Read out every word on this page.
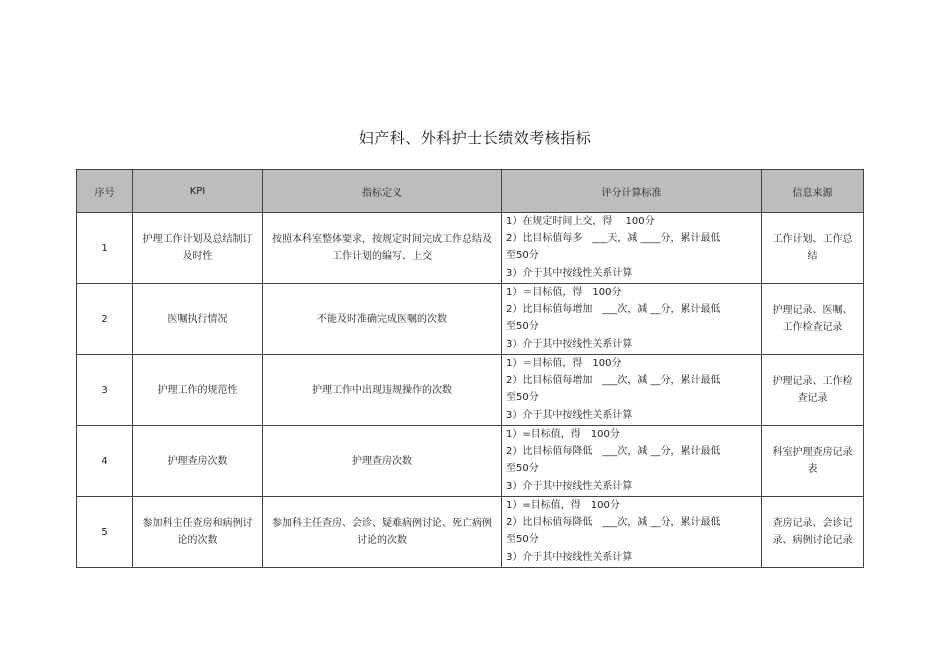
妇产科、外科护士长绩效考核指标
序号	KPI	指标定义	评分计算标准	信息来源
1	护理工作计划及总结制订及时性	按照本科室整体要求，按规定时间完成工作总结及工作计划的编写、上交	1）在规定时间上交，得　 100分
2）比目标值每多　___天，减 ____分，累计最低
至50分
3）介于其中按线性关系计算	工作计划、工作总结
2	医嘱执行情况	不能及时准确完成医嘱的次数	1）＝目标值，得　100分
2）比目标值每增加　___次，减 __分，累计最低
至50分
3）介于其中按线性关系计算	护理记录、医嘱、工作检查记录
3	护理工作的规范性	护理工作中出现违规操作的次数	1）＝目标值，得　100分
2）比目标值每增加　___次，减 __分，累计最低
至50分
3）介于其中按线性关系计算	护理记录、工作检查记录
4	护理查房次数	护理查房次数	1）=目标值，得　100分
2）比目标值每降低　___次，减 __分，累计最低
至50分
3）介于其中按线性关系计算	科室护理查房记录表
5	参加科主任查房和病例讨论的次数	参加科主任查房、会诊、疑难病例讨论、死亡病例讨论的次数	1）=目标值，得　100分
2）比目标值每降低　___次，减 __分，累计最低
至50分
3）介于其中按线性关系计算	查房记录、会诊记录、病例讨论记录
